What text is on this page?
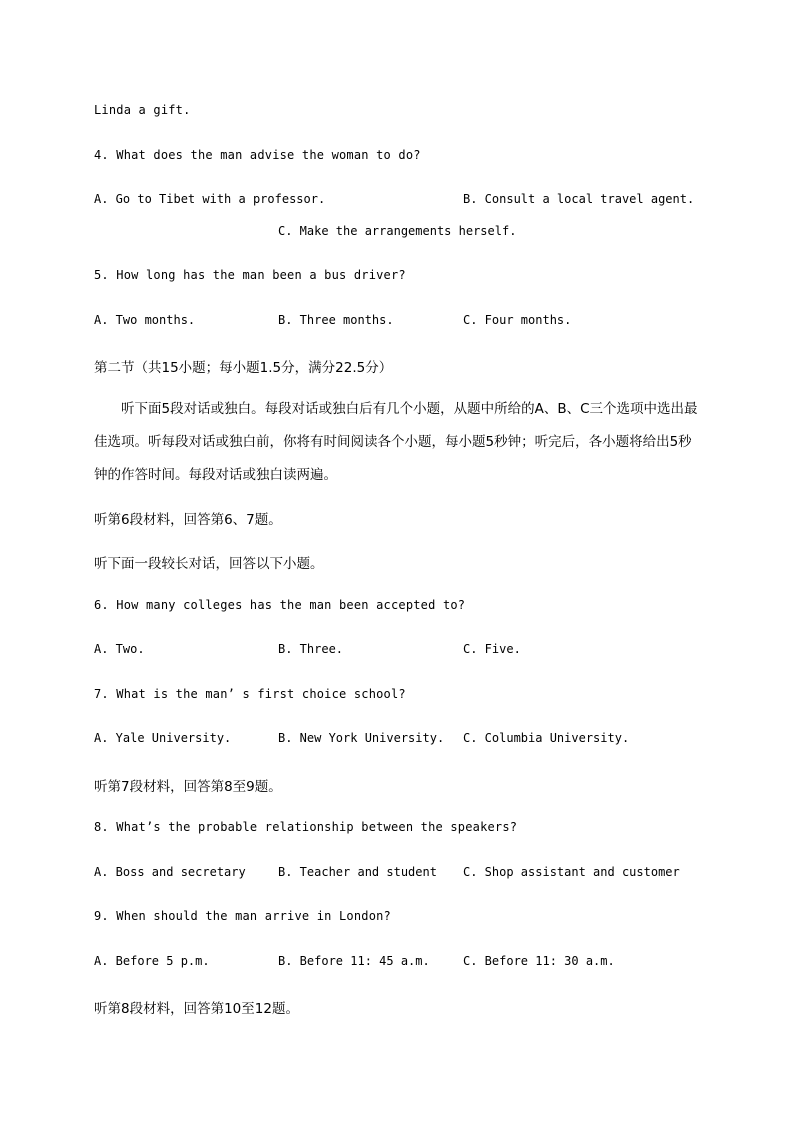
Linda a gift.
4. What does the man advise the woman to do?
A. Go to Tibet with a professor.	B. Consult a local travel agent.
C. Make the arrangements herself.
5. How long has the man been a bus driver?
A. Two months.	B. Three months.	C. Four months.
第二节（共15小题；每小题1.5分，满分22.5分）
听下面5段对话或独白。每段对话或独白后有几个小题，从题中所给的A、B、C三个选项中选出最佳选项。听每段对话或独白前，你将有时间阅读各个小题，每小题5秒钟；听完后，各小题将给出5秒钟的作答时间。每段对话或独白读两遍。
听第6段材料，回答第6、7题。
听下面一段较长对话，回答以下小题。
6. How many colleges has the man been accepted to?
A. Two.	B. Three.	C. Five.
7. What is the man’ s first choice school?
A. Yale University.	B. New York University. C. Columbia University.
听第7段材料，回答第8至9题。
8. What’s the probable relationship between the speakers?
A. Boss and secretary	B. Teacher and student C. Shop assistant and customer
9. When should the man arrive in London?
A. Before 5 p.m.	B. Before 11: 45 a.m.	C. Before 11: 30 a.m.
听第8段材料，回答第10至12题。
